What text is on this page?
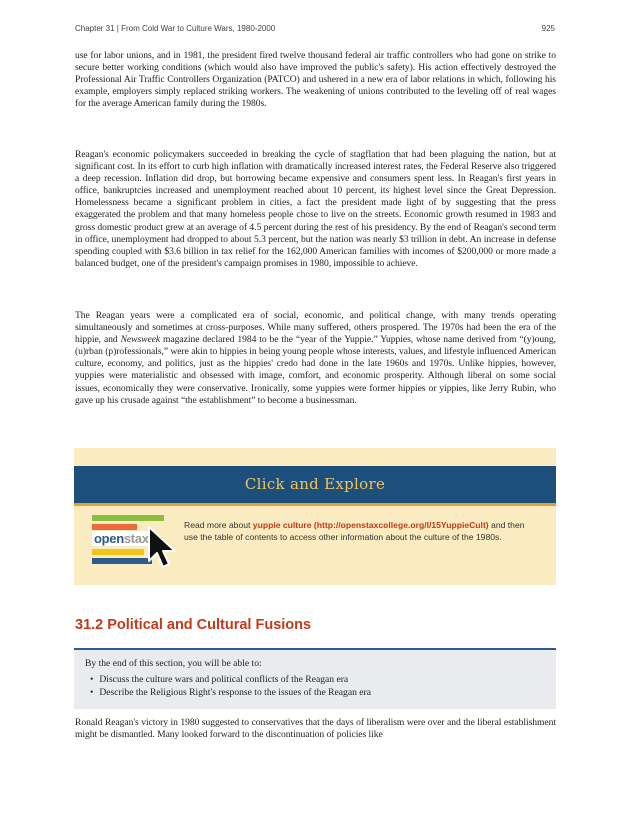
Chapter 31 | From Cold War to Culture Wars, 1980-2000	925

use for labor unions, and in 1981, the president fired twelve thousand federal air traffic controllers who had gone on strike to secure better working conditions (which would also have improved the public's safety). His action effectively destroyed the Professional Air Traffic Controllers Organization (PATCO) and ushered in a new era of labor relations in which, following his example, employers simply replaced striking workers. The weakening of unions contributed to the leveling off of real wages for the average American family during the 1980s.

Reagan's economic policymakers succeeded in breaking the cycle of stagflation that had been plaguing the nation, but at significant cost. In its effort to curb high inflation with dramatically increased interest rates, the Federal Reserve also triggered a deep recession. Inflation did drop, but borrowing became expensive and consumers spent less. In Reagan's first years in office, bankruptcies increased and unemployment reached about 10 percent, its highest level since the Great Depression. Homelessness became a significant problem in cities, a fact the president made light of by suggesting that the press exaggerated the problem and that many homeless people chose to live on the streets. Economic growth resumed in 1983 and gross domestic product grew at an average of 4.5 percent during the rest of his presidency. By the end of Reagan's second term in office, unemployment had dropped to about 5.3 percent, but the nation was nearly $3 trillion in debt. An increase in defense spending coupled with $3.6 billion in tax relief for the 162,000 American families with incomes of $200,000 or more made a balanced budget, one of the president's campaign promises in 1980, impossible to achieve.

The Reagan years were a complicated era of social, economic, and political change, with many trends operating simultaneously and sometimes at cross-purposes. While many suffered, others prospered. The 1970s had been the era of the hippie, and Newsweek magazine declared 1984 to be the “year of the Yuppie.” Yuppies, whose name derived from “(y)oung, (u)rban (p)rofessionals,” were akin to hippies in being young people whose interests, values, and lifestyle influenced American culture, economy, and politics, just as the hippies' credo had done in the late 1960s and 1970s. Unlike hippies, however, yuppies were materialistic and obsessed with image, comfort, and economic prosperity. Although liberal on some social issues, economically they were conservative. Ironically, some yuppies were former hippies or yippies, like Jerry Rubin, who gave up his crusade against “the establishment” to become a businessman.

Click and Explore
openstax
Read more about yuppie culture (http://openstaxcollege.org/l/15YuppieCult) and then use the table of contents to access other information about the culture of the 1980s.
31.2 Political and Cultural Fusions
By the end of this section, you will be able to:
• Discuss the culture wars and political conflicts of the Reagan era
• Describe the Religious Right's response to the issues of the Reagan era

Ronald Reagan's victory in 1980 suggested to conservatives that the days of liberalism were over and the liberal establishment might be dismantled. Many looked forward to the discontinuation of policies like
